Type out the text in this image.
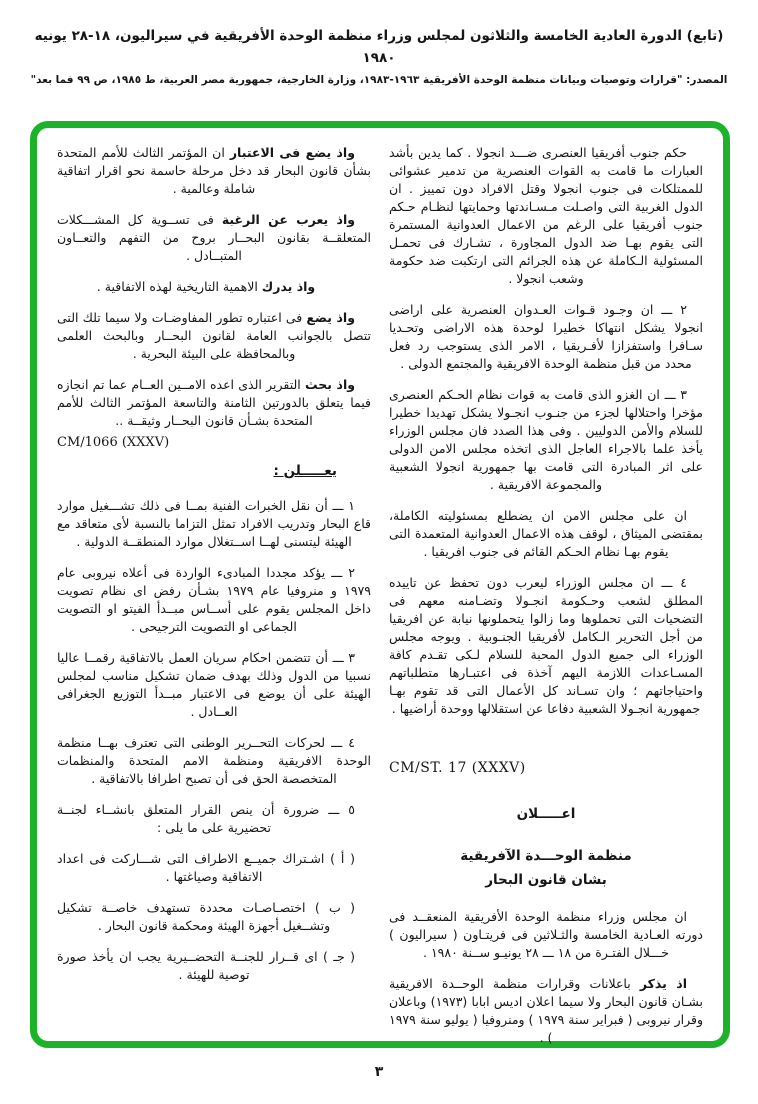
(تابع) الدورة العادية الخامسة والثلاثون لمجلس وزراء منظمة الوحدة الأفريقية في سيراليون، ١٨-٢٨ يونيه ١٩٨٠
المصدر: "قرارات وتوصيات وبيانات منظمة الوحدة الأفريقية ١٩٦٣-١٩٨٣، وزارة الخارجية، جمهورية مصر العربية، ط ١٩٨٥، ص ٩٩ فما بعد"

حكم جنوب أفريقيا العنصرى ضـــد انجولا . كما يدين بأشد العبارات ما قامت به القوات العنصرية من تدمير عشوائى للممتلكات فى جنوب انجولا وقتل الافراد دون تمييز . ان الدول الغربية التى واصـلت مـسـاندتها وحمايتها لنظـام حـكم جنوب أفريقيا على الرغم من الاعمال العدوانية المستمرة التى يقوم بهـا ضد الدول المجاورة ، تشـارك فى تحمـل المسئولية الـكاملة عن هذه الجرائم التى ارتكبت ضد حكومة وشعب انجولا .

٢ ـــ ان وجـود قـوات العـدوان العنصرية على اراضى انجولا يشكل انتهاكا خطيرا لوحدة هذه الاراضى وتحـديا سـافرا واستفزازا لأفـريقيا ، الامر الذى يستوجب رد فعل محدد من قبل منظمة الوحدة الافريقية والمجتمع الدولى .

٣ ـــ ان الغزو الذى قامت به قوات نظام الحـكم العنصرى مؤخرا واحتلالها لجزء من جنـوب انجـولا يشكل تهديدا خطيرا للسلام والأمن الدوليين . وفى هذا الصدد فان مجلس الوزراء يأخذ علما بالاجراء العاجل الذى اتخذه مجلس الامن الدولى على اثر المبادرة التى قامت بها جمهورية انجولا الشعبية والمجموعة الافريقية .

ان على مجلس الامن ان يضطلع بمسئوليته الكاملة، بمقتضى الميثاق ، لوقف هذه الاعمال العدوانية المتعمدة التى يقوم بهـا نظام الحـكم القائم فى جنوب افريقيا .

٤ ـــ ان مجلس الوزراء ليعرب دون تحفظ عن تاييده المطلق لشعب وحـكومة انجـولا وتضـامنه معهم فى التضحيات التى تحملوها وما زالوا يتحملونها نيابة عن افريقيا من أجل التحرير الـكامل لأفريقيا الجنـوبية . ويوجه مجلس الوزراء الى جميع الدول المحبة للسلام لـكى تقـدم كافة المسـاعدات اللازمة اليهم آخذة فى اعتبـارها متطلباتهم واحتياجاتهم ؛ وان تسـاند كل الأعمال التى قد تقوم بهـا جمهورية انجـولا الشعبية دفاعا عن استقلالها ووحدة أراضيها .

CM/ST. 17 (XXXV)
اعـــــلان
منظمة الوحـــدة الآفريقية
بشان قانون البحار

ان مجلس وزراء منظمة الوحدة الأفريقية المنعقــد فى دورته العـادية الخامسة والثـلاثين فى فريتـاون ( سيراليون ) خـــلال الفتـرة من ١٨ ـــ ٢٨ يونيـو ســنة ١٩٨٠ .

اذ يذكر باعلانات وقرارات منظمة الوحــدة الافريقية بشـان قانون البحار ولا سيما اعلان اديس ابابا (١٩٧٣) وباعلان وقرار نيروبى ( فبراير سنة ١٩٧٩ ) ومنروفيا ( يوليو سنة ١٩٧٩ ) .

واذ يضع فى الاعتبار ان المؤتمر الثالث للأمم المتحدة بشأن قانون البحار قد دخل مرحلة حاسمة نحو اقرار اتفاقية شاملة وعالمية .

واذ يعرب عن الرغبة فى تســوية كل المشـــكلات المتعلقــة بقانون البحــار بروح من التفهم والتعــاون المتبــادل .

واذ يدرك الاهمية التاريخية لهذه الاتفاقية .

واذ يضع فى اعتباره تطور المفاوضـات ولا سيما تلك التى تتصل بالجوانب العامة لقانون البحــار وبالبحث العلمى وبالمحافظة على البيئة البحرية .

واذ بحث التقرير الذى اعده الامــين العــام عما تم انجازه فيما يتعلق بالدورتين الثامنة والتاسعة المؤتمر الثالث للأمم المتحدة بشـأن قانون البحــار وثيقــة ..

CM/1066 (XXXV)
يعـــــلن :

١ ـــ أن نقل الخبرات الفنية بمــا فى ذلك تشـــغيل موارد قاع البحار وتدريب الافراد تمثل التزاما بالنسبة لأى متعاقد مع الهيئة ليتسنى لهــا اســتغلال موارد المنطقــة الدولية .

٢ ـــ يؤكد مجددا المبادىء الواردة فى أعلاه نيروبى عام ١٩٧٩ و منروفيا عام ١٩٧٩ بشـأن رفض اى نظام تصويت داخل المجلس يقوم على أســاس مبــدأ الفيتو او التصويت الجماعى او التصويت الترجيحى .

٣ ـــ أن تتضمن احكام سريان العمل بالاتفاقية رقمــا عاليا نسبيا من الدول وذلك بهدف ضمان تشكيل مناسب لمجلس الهيئة على أن يوضع فى الاعتبار مبــدأ التوزيع الجغرافى العــادل .

٤ ـــ لحركات التحــرير الوطنى التى تعترف بهــا منظمة الوحدة الافريقية ومنظمة الامم المتحدة والمنظمات المتخصصة الحق فى أن تصبح اطرافا بالاتفاقية .

٥ ـــ ضرورة أن ينص القرار المتعلق بانشــاء لجنــة تحضيرية على ما يلى :

( أ ) اشـتراك جميــع الاطراف التى شـــاركت فى اعداد الاتفاقية وصياغتها .

( ب ) اختصـاصـات محددة تستهدف خاصــة تشكيل وتشــغيل أجهزة الهيئة ومحكمة قانون البحار .

( جـ ) اى قــرار للجنــة التحضــيرية يجب ان يأخذ صورة توصية للهيئة .

٣
